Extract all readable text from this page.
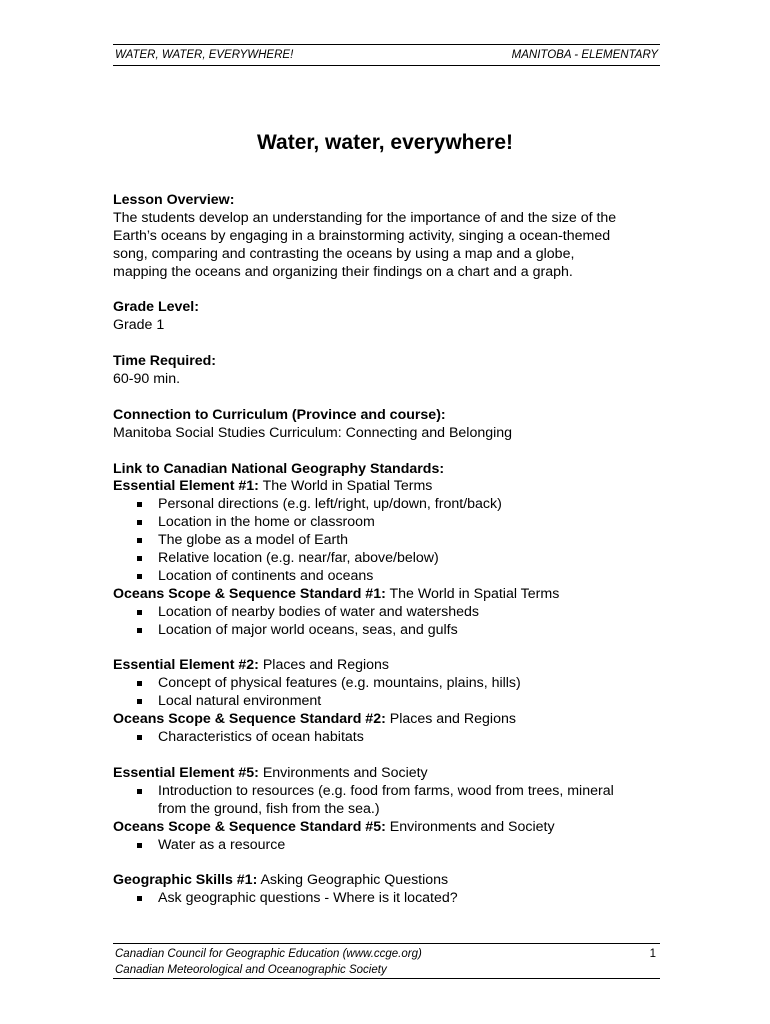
WATER, WATER, EVERYWHERE!	MANITOBA - ELEMENTARY
Water, water, everywhere!

Lesson Overview:

The students develop an understanding for the importance of and the size of the

Earth’s oceans by engaging in a brainstorming activity, singing a ocean-themed

song, comparing and contrasting the oceans by using a map and a globe,

mapping the oceans and organizing their findings on a chart and a graph.

Grade Level:

Grade 1

Time Required:

60-90 min.

Connection to Curriculum (Province and course):

Manitoba Social Studies Curriculum: Connecting and Belonging

Link to Canadian National Geography Standards:

Essential Element #1: The World in Spatial Terms

Personal directions (e.g. left/right, up/down, front/back)
Location in the home or classroom
The globe as a model of Earth
Relative location (e.g. near/far, above/below)
Location of continents and oceans

Oceans Scope & Sequence Standard #1: The World in Spatial Terms

Location of nearby bodies of water and watersheds
Location of major world oceans, seas, and gulfs

Essential Element #2: Places and Regions

Concept of physical features (e.g. mountains, plains, hills)
Local natural environment

Oceans Scope & Sequence Standard #2: Places and Regions

Characteristics of ocean habitats

Essential Element #5: Environments and Society

Introduction to resources (e.g. food from farms, wood from trees, mineral
from the ground, fish from the sea.)

Oceans Scope & Sequence Standard #5: Environments and Society

Water as a resource

Geographic Skills #1: Asking Geographic Questions

Ask geographic questions - Where is it located?
Canadian Council for Geographic Education (www.ccge.org)
Canadian Meteorological and Oceanographic Society
1
